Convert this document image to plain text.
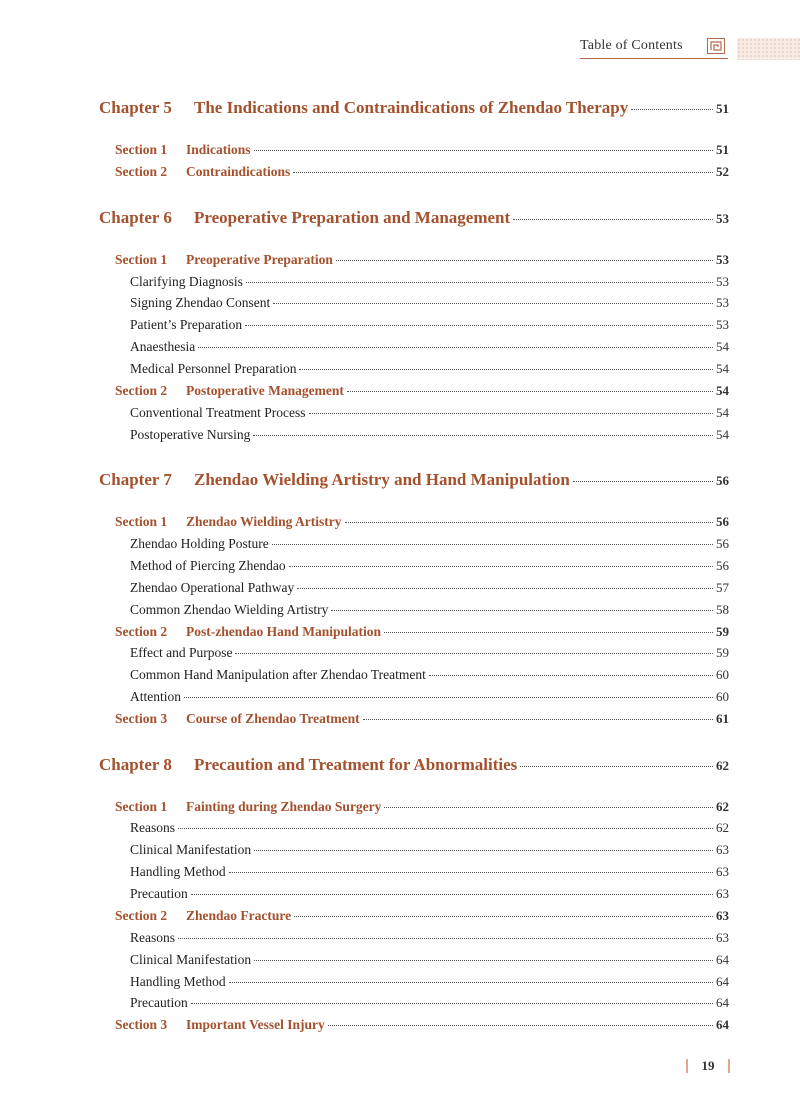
Table of Contents
Chapter 5 The Indications and Contraindications of Zhendao Therapy	51
Section 1 Indications	51
Section 2 Contraindications	52
Chapter 6 Preoperative Preparation and Management	53
Section 1 Preoperative Preparation	53
Clarifying Diagnosis	53
Signing Zhendao Consent	53
Patient’s Preparation	53
Anaesthesia	54
Medical Personnel Preparation	54
Section 2 Postoperative Management	54
Conventional Treatment Process	54
Postoperative Nursing	54
Chapter 7 Zhendao Wielding Artistry and Hand Manipulation	56
Section 1 Zhendao Wielding Artistry	56
Zhendao Holding Posture	56
Method of Piercing Zhendao	56
Zhendao Operational Pathway	57
Common Zhendao Wielding Artistry	58
Section 2 Post-zhendao Hand Manipulation	59
Effect and Purpose	59
Common Hand Manipulation after Zhendao Treatment	60
Attention	60
Section 3 Course of Zhendao Treatment	61
Chapter 8 Precaution and Treatment for Abnormalities	62
Section 1 Fainting during Zhendao Surgery	62
Reasons	62
Clinical Manifestation	63
Handling Method	63
Precaution	63
Section 2 Zhendao Fracture	63
Reasons	63
Clinical Manifestation	64
Handling Method	64
Precaution	64
Section 3 Important Vessel Injury	64
19
